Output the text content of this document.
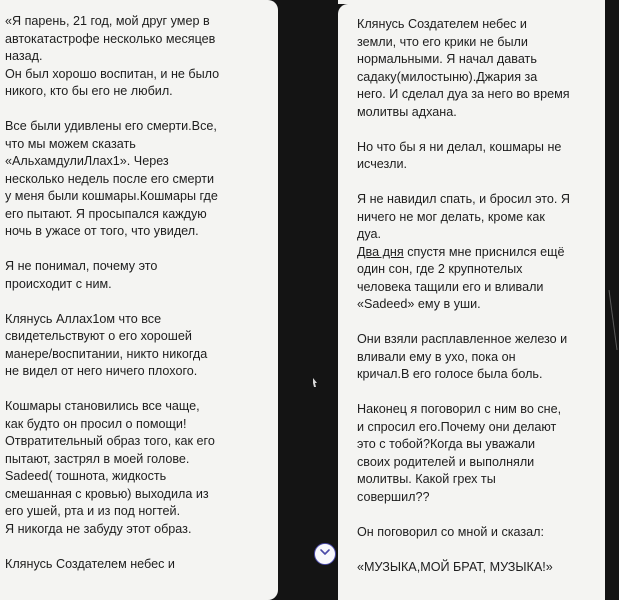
«Я парень, 21 год, мой друг умер в
автокатастрофе несколько месяцев
назад.
Он был хорошо воспитан, и не было
никого, кто бы его не любил.

Все были удивлены его смерти.Все,
что мы можем сказать
«АльхамдулиЛлах1». Через
несколько недель после его смерти
у меня были кошмары.Кошмары где
его пытают. Я просыпался каждую
ночь в ужасе от того, что увидел.

Я не понимал, почему это
происходит с ним.

Клянусь Аллах1ом что все
свидетельствуют о его хорошей
манере/воспитании, никто никогда
не видел от него ничего плохого.

Кошмары становились все чаще,
как будто он просил о помощи!
Отвратительный образ того, как его
пытают, застрял в моей голове.
Sadeed( тошнота, жидкость
смешанная с кровью) выходила из
его ушей, рта и из под ногтей.
Я никогда не забуду этот образ.

Клянусь Создателем небес и

Клянусь Создателем небес и
земли, что его крики не были
нормальными. Я начал давать
садаку(милостыню).Джария за
него. И сделал дуа за него во время
молитвы адхана.

Но что бы я ни делал, кошмары не
исчезли.

Я не навидил спать, и бросил это. Я
ничего не мог делать, кроме как
дуа.
Два дня спустя мне приснился ещё
один сон, где 2 крупнотелых
человека тащили его и вливали
«Sadeed» ему в уши.

Они взяли расплавленное железо и
вливали ему в ухо, пока он
кричал.В его голосе была боль.

Наконец я поговорил с ним во сне,
и спросил его.Почему они делают
это с тобой?Когда вы уважали
своих родителей и выполняли
молитвы. Какой грех ты
совершил??

Он поговорил со мной и сказал:

«МУЗЫКА,МОЙ БРАТ, МУЗЫКА!»
